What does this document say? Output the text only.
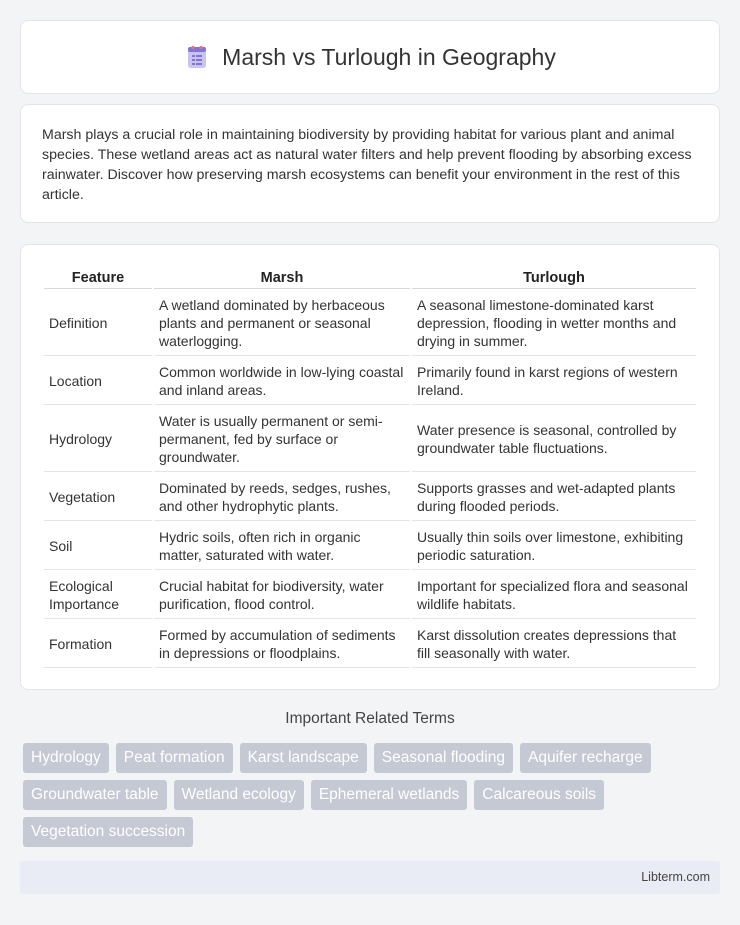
Marsh vs Turlough in Geography

Marsh plays a crucial role in maintaining biodiversity by providing habitat for various plant and animal species. These wetland areas act as natural water filters and help prevent flooding by absorbing excess rainwater. Discover how preserving marsh ecosystems can benefit your environment in the rest of this article.

Feature	Marsh	Turlough
Definition	A wetland dominated by herbaceous plants and permanent or seasonal waterlogging.	A seasonal limestone-dominated karst depression, flooding in wetter months and drying in summer.
Location	Common worldwide in low-lying coastal and inland areas.	Primarily found in karst regions of western Ireland.
Hydrology	Water is usually permanent or semi-permanent, fed by surface or groundwater.	Water presence is seasonal, controlled by groundwater table fluctuations.
Vegetation	Dominated by reeds, sedges, rushes, and other hydrophytic plants.	Supports grasses and wet-adapted plants during flooded periods.
Soil	Hydric soils, often rich in organic matter, saturated with water.	Usually thin soils over limestone, exhibiting periodic saturation.
Ecological Importance	Crucial habitat for biodiversity, water purification, flood control.	Important for specialized flora and seasonal wildlife habitats.
Formation	Formed by accumulation of sediments in depressions or floodplains.	Karst dissolution creates depressions that fill seasonally with water.
Important Related Terms
Hydrology	Peat formation	Karst landscape	Seasonal flooding	Aquifer recharge
Groundwater table	Wetland ecology	Ephemeral wetlands	Calcareous soils
Vegetation succession
Libterm.com
